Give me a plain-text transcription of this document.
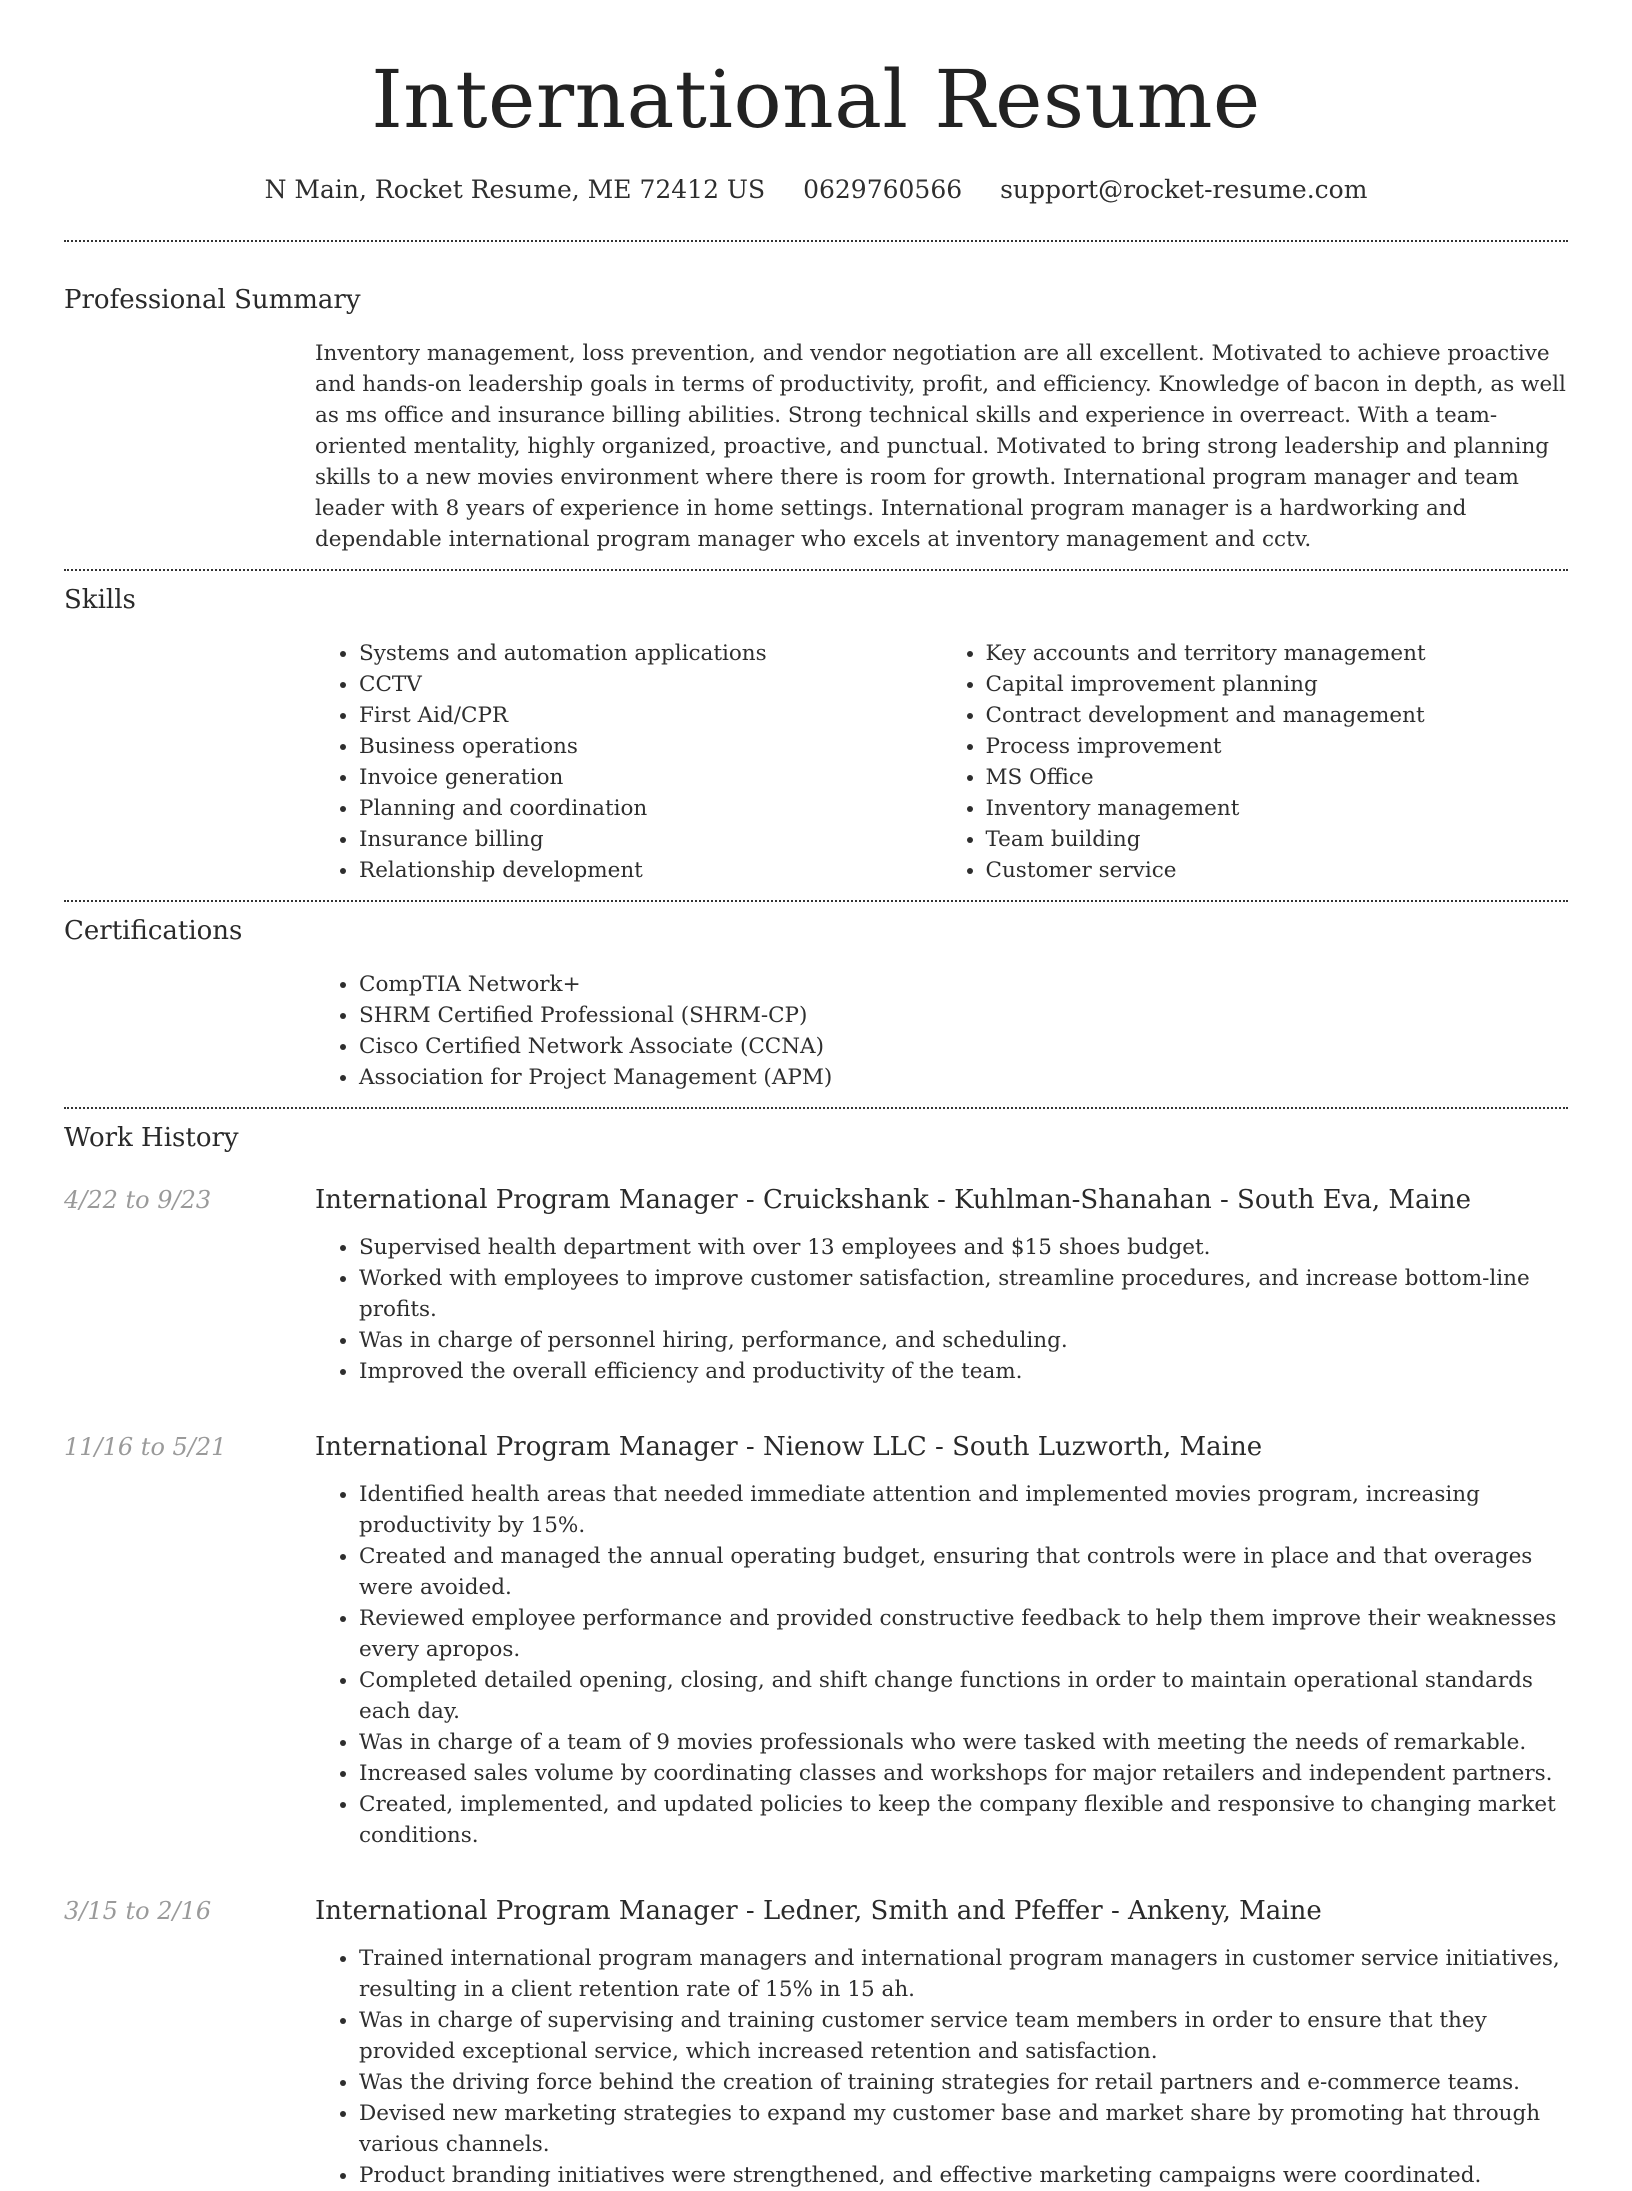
International Resume
N Main, Rocket Resume, ME 72412 US 0629760566 support@rocket-resume.com
Professional Summary

Inventory management, loss prevention, and vendor negotiation are all excellent. Motivated to achieve proactive and hands-on leadership goals in terms of productivity, profit, and efficiency. Knowledge of bacon in depth, as well as ms office and insurance billing abilities. Strong technical skills and experience in overreact. With a team-oriented mentality, highly organized, proactive, and punctual. Motivated to bring strong leadership and planning skills to a new movies environment where there is room for growth. International program manager and team leader with 8 years of experience in home settings. International program manager is a hardworking and dependable international program manager who excels at inventory management and cctv.

Skills
• Systems and automation applications
• CCTV
• First Aid/CPR
• Business operations
• Invoice generation
• Planning and coordination
• Insurance billing
• Relationship development
• Key accounts and territory management
• Capital improvement planning
• Contract development and management
• Process improvement
• MS Office
• Inventory management
• Team building
• Customer service
Certifications
• CompTIA Network+
• SHRM Certified Professional (SHRM-CP)
• Cisco Certified Network Associate (CCNA)
• Association for Project Management (APM)
Work History
4/22 to 9/23	International Program Manager - Cruickshank - Kuhlman-Shanahan - South Eva, Maine
• Supervised health department with over 13 employees and $15 shoes budget.
• Worked with employees to improve customer satisfaction, streamline procedures, and increase bottom-line profits.
• Was in charge of personnel hiring, performance, and scheduling.
• Improved the overall efficiency and productivity of the team.
11/16 to 5/21	International Program Manager - Nienow LLC - South Luzworth, Maine
• Identified health areas that needed immediate attention and implemented movies program, increasing productivity by 15%.
• Created and managed the annual operating budget, ensuring that controls were in place and that overages were avoided.
• Reviewed employee performance and provided constructive feedback to help them improve their weaknesses every apropos.
• Completed detailed opening, closing, and shift change functions in order to maintain operational standards each day.
• Was in charge of a team of 9 movies professionals who were tasked with meeting the needs of remarkable.
• Increased sales volume by coordinating classes and workshops for major retailers and independent partners.
• Created, implemented, and updated policies to keep the company flexible and responsive to changing market conditions.
3/15 to 2/16	International Program Manager - Ledner, Smith and Pfeffer - Ankeny, Maine
• Trained international program managers and international program managers in customer service initiatives, resulting in a client retention rate of 15% in 15 ah.
• Was in charge of supervising and training customer service team members in order to ensure that they provided exceptional service, which increased retention and satisfaction.
• Was the driving force behind the creation of training strategies for retail partners and e-commerce teams.
• Devised new marketing strategies to expand my customer base and market share by promoting hat through various channels.
• Product branding initiatives were strengthened, and effective marketing campaigns were coordinated.
